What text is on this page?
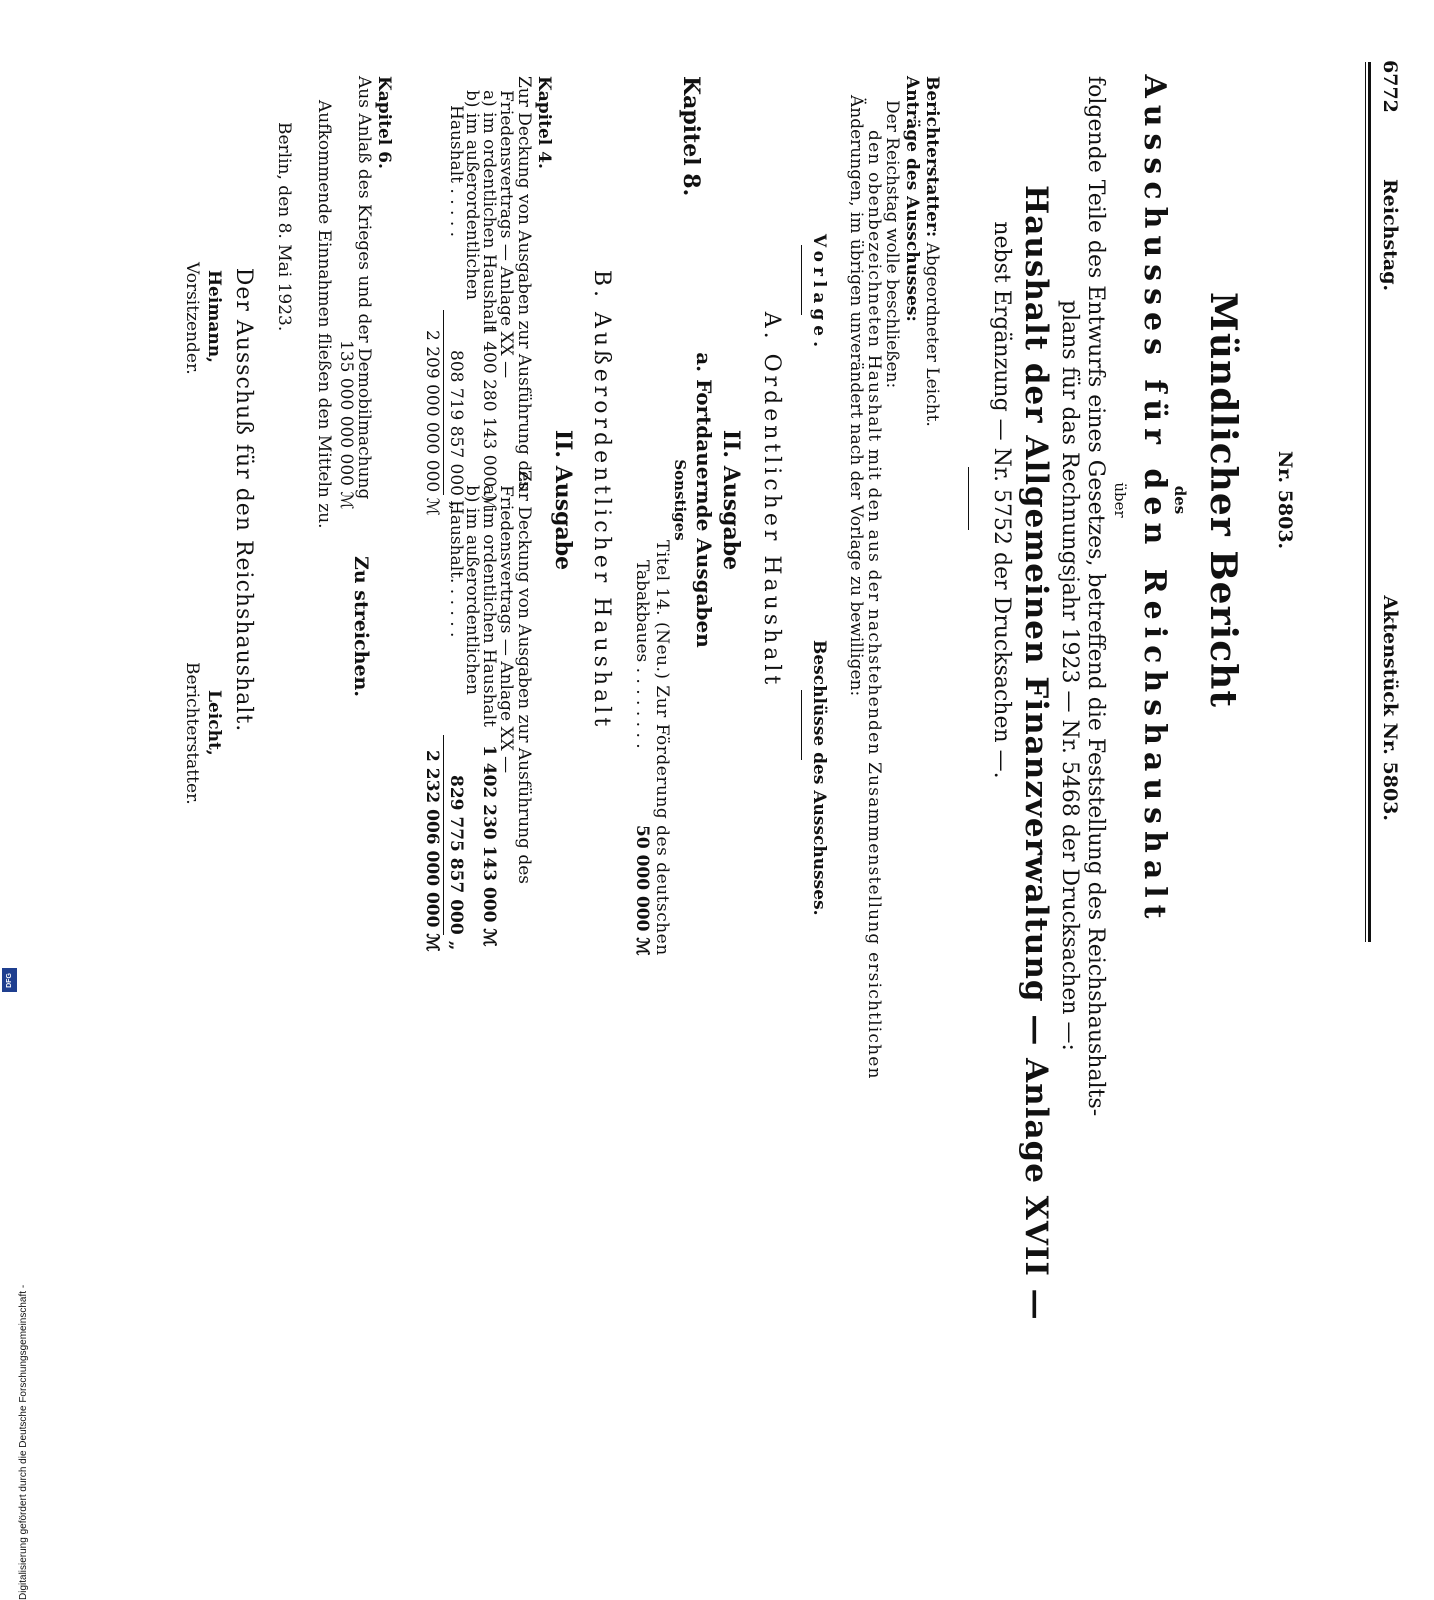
6772
Reichstag.                                              Aktenstück Nr. 5803.
Nr. 5803.
Mündlicher Bericht
des
Ausschusses für den Reichshaushalt
über
folgende Teile des Entwurfs eines Gesetzes, betreffend die Feststellung des Reichshaushalts-
plans für das Rechnungsjahr 1923 — Nr. 5468 der Drucksachen —:
Haushalt der Allgemeinen Finanzverwaltung — Anlage XVII —
nebst Ergänzung — Nr. 5752 der Drucksachen —.
Berichterstatter: Abgeordneter Leicht.
Anträge des Ausschusses:
Der Reichstag wolle beschließen:
den obenbezeichneten Haushalt mit den aus der nachstehenden Zusammenstellung ersichtlichen
Änderungen, im übrigen unverändert nach der Vorlage zu bewilligen:
Vorlage.
Beschlüsse des Ausschusses.
A. Ordentlicher Haushalt
II. Ausgabe
a. Fortdauernde Ausgaben
Kapitel 8.
Sonstiges
Titel 14. (Neu.) Zur Förderung des deutschen
Tabakbaues . . . . . . . .
50 000 000 ℳ
B. Außerordentlicher Haushalt
II. Ausgabe
Kapitel 4.
Zur Deckung von Ausgaben zur Ausführung des
Friedensvertrags — Anlage XX —
a) im ordentlichen Haushalt
1 400 280 143 000 ℳ
b) im außerordentlichen
Haushalt . . . . .
808 719 857 000 „
2 209 000 000 000 ℳ
Zur Deckung von Ausgaben zur Ausführung des
Friedensvertrags — Anlage XX —
a) im ordentlichen Haushalt
1 402 230 143 000 ℳ
b) im außerordentlichen
Haushalt. . . . . .
829 775 857 000 „
2 232 006 000 000 ℳ
Kapitel 6.
Aus Anlaß des Krieges und der Demobilmachung
135 000 000 000 ℳ
Zu streichen.
Aufkommende Einnahmen fließen den Mitteln zu.
Berlin, den 8. Mai 1923.
Der Ausschuß für den Reichshaushalt.
Heimann,
Vorsitzender.
Leicht,
Berichterstatter.
Digitalisierung gefördert durch die Deutsche Forschungsgemeinschaft -
DFG
